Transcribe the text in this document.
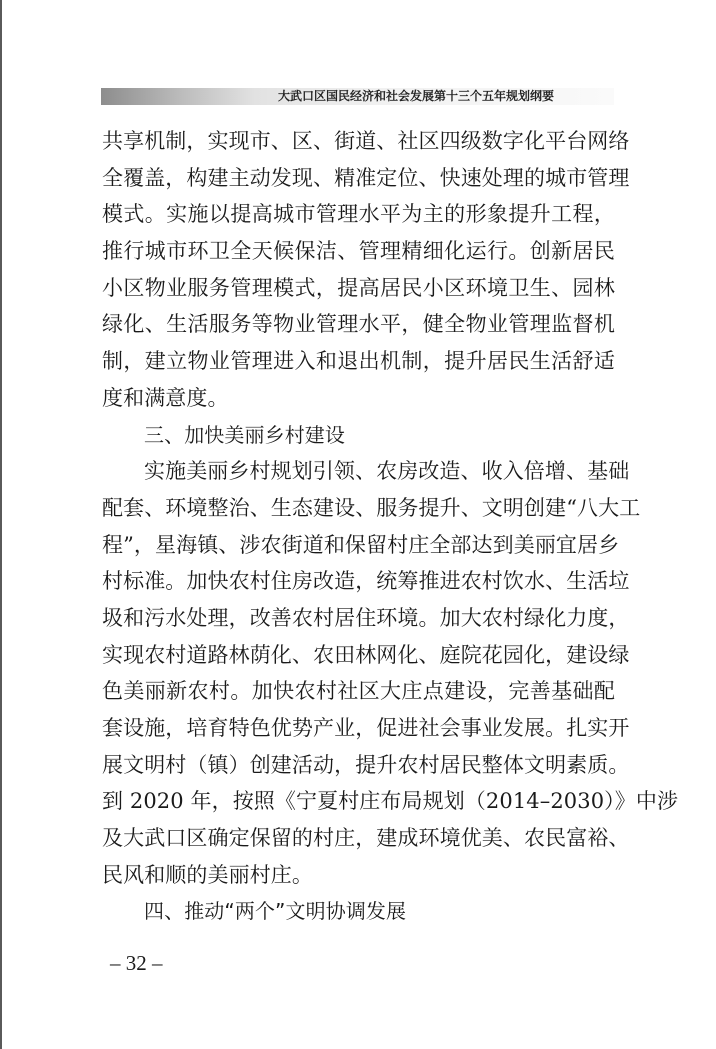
大武口区国民经济和社会发展第十三个五年规划纲要
共享机制，实现市、区、街道、社区四级数字化平台网络
全覆盖，构建主动发现、精准定位、快速处理的城市管理
模式。实施以提高城市管理水平为主的形象提升工程，
推行城市环卫全天候保洁、管理精细化运行。创新居民
小区物业服务管理模式，提高居民小区环境卫生、园林
绿化、生活服务等物业管理水平，健全物业管理监督机
制，建立物业管理进入和退出机制，提升居民生活舒适
度和满意度。
三、加快美丽乡村建设
实施美丽乡村规划引领、农房改造、收入倍增、基础
配套、环境整治、生态建设、服务提升、文明创建“八大工
程”，星海镇、涉农街道和保留村庄全部达到美丽宜居乡
村标准。加快农村住房改造，统筹推进农村饮水、生活垃
圾和污水处理，改善农村居住环境。加大农村绿化力度，
实现农村道路林荫化、农田林网化、庭院花园化，建设绿
色美丽新农村。加快农村社区大庄点建设，完善基础配
套设施，培育特色优势产业，促进社会事业发展。扎实开
展文明村（镇）创建活动，提升农村居民整体文明素质。
到 2020 年，按照《宁夏村庄布局规划（2014–2030）》中涉
及大武口区确定保留的村庄，建成环境优美、农民富裕、
民风和顺的美丽村庄。
四、推动“两个”文明协调发展
– 32 –
